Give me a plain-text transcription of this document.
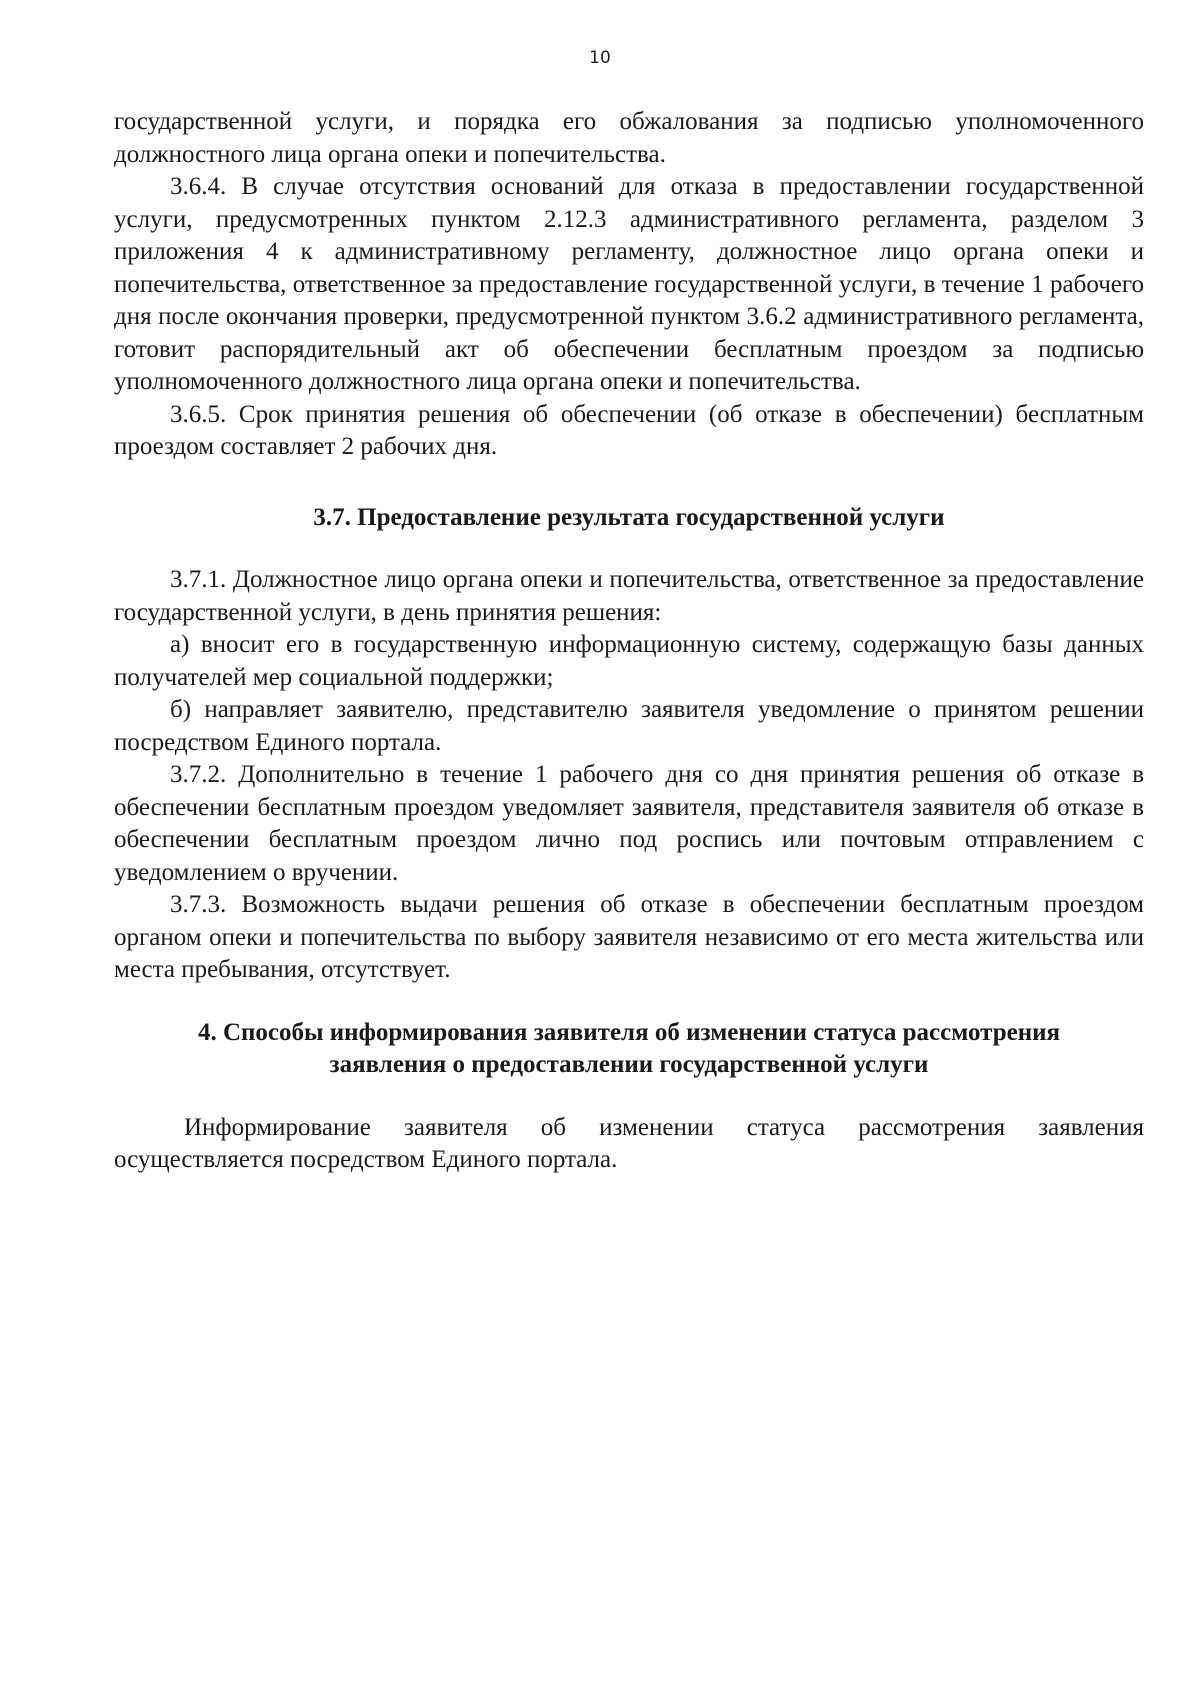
10

государственной услуги, и порядка его обжалования за подписью уполномоченного должностного лица органа опеки и попечительства.

3.6.4. В случае отсутствия оснований для отказа в предоставлении государственной услуги, предусмотренных пунктом 2.12.3 административного регламента, разделом 3 приложения 4 к административному регламенту, должностное лицо органа опеки и попечительства, ответственное за предоставление государственной услуги, в течение 1 рабочего дня после окончания проверки, предусмотренной пунктом 3.6.2 административного регламента, готовит распорядительный акт об обеспечении бесплатным проездом за подписью уполномоченного должностного лица органа опеки и попечительства.

3.6.5. Срок принятия решения об обеспечении (об отказе в обеспечении) бесплатным проездом составляет 2 рабочих дня.

3.7. Предоставление результата государственной услуги

3.7.1. Должностное лицо органа опеки и попечительства, ответственное за предоставление государственной услуги, в день принятия решения:

а) вносит его в государственную информационную систему, содержащую базы данных получателей мер социальной поддержки;

б) направляет заявителю, представителю заявителя уведомление о принятом решении посредством Единого портала.

3.7.2. Дополнительно в течение 1 рабочего дня со дня принятия решения об отказе в обеспечении бесплатным проездом уведомляет заявителя, представителя заявителя об отказе в обеспечении бесплатным проездом лично под роспись или почтовым отправлением с уведомлением о вручении.

3.7.3. Возможность выдачи решения об отказе в обеспечении бесплатным проездом органом опеки и попечительства по выбору заявителя независимо от его места жительства или места пребывания, отсутствует.

4. Способы информирования заявителя об изменении статуса рассмотрения
заявления о предоставлении государственной услуги

Информирование заявителя об изменении статуса рассмотрения заявления осуществляется посредством Единого портала.
